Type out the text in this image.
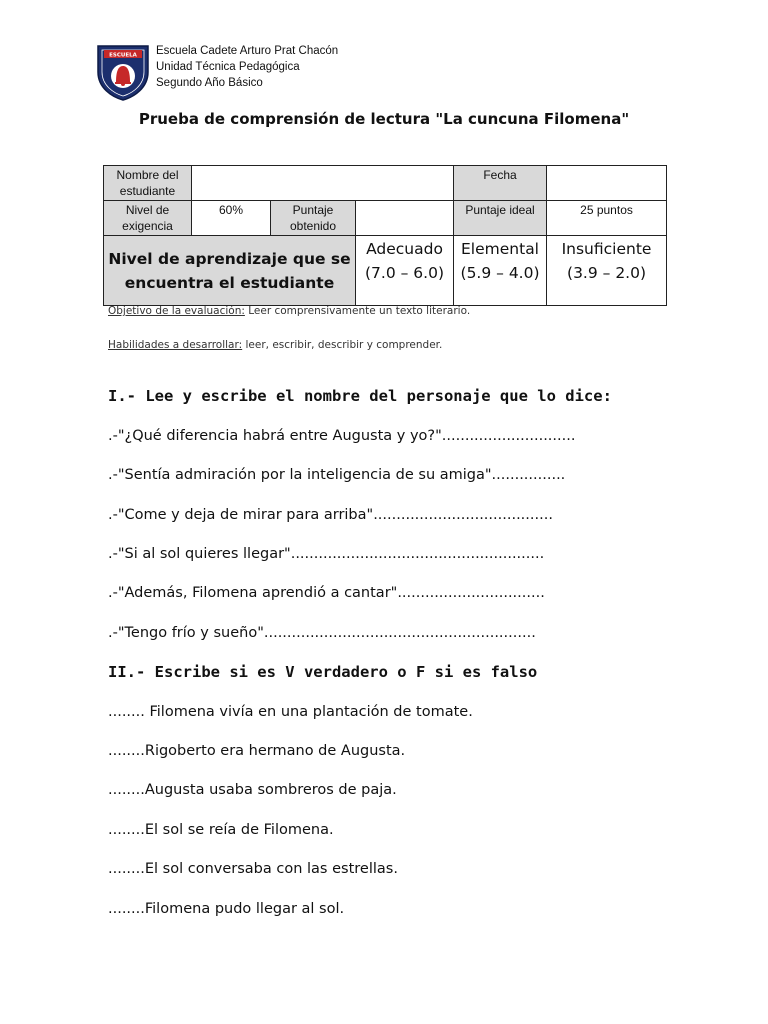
ESCUELA Escuela Cadete Arturo Prat Chacón
Unidad Técnica Pedagógica
Segundo Año Básico
Prueba de comprensión de lectura "La cuncuna Filomena"
Nombre del estudiante				Fecha	
Nivel de exigencia	60%	Puntaje obtenido		Puntaje ideal	25 puntos
Nivel de aprendizaje que se encuentra el estudiante			Adecuado (7.0 – 6.0)	Elemental (5.9 – 4.0)	Insuficiente (3.9 – 2.0)
Objetivo de la evaluación: Leer comprensivamente un texto literario.
Habilidades a desarrollar: leer, escribir, describir y comprender.
I.- Lee y escribe el nombre del personaje que lo dice:
.-"¿Qué diferencia habrá entre Augusta y yo?".............................
.-"Sentía admiración por la inteligencia de su amiga"................
.-"Come y deja de mirar para arriba".......................................
.-"Si al sol quieres llegar".......................................................
.-"Además, Filomena aprendió a cantar"................................
.-"Tengo frío y sueño"...........................................................
II.- Escribe si es V verdadero o F si es falso
........ Filomena vivía en una plantación de tomate.
........Rigoberto era hermano de Augusta.
........Augusta usaba sombreros de paja.
........El sol se reía de Filomena.
........El sol conversaba con las estrellas.
........Filomena pudo llegar al sol.
